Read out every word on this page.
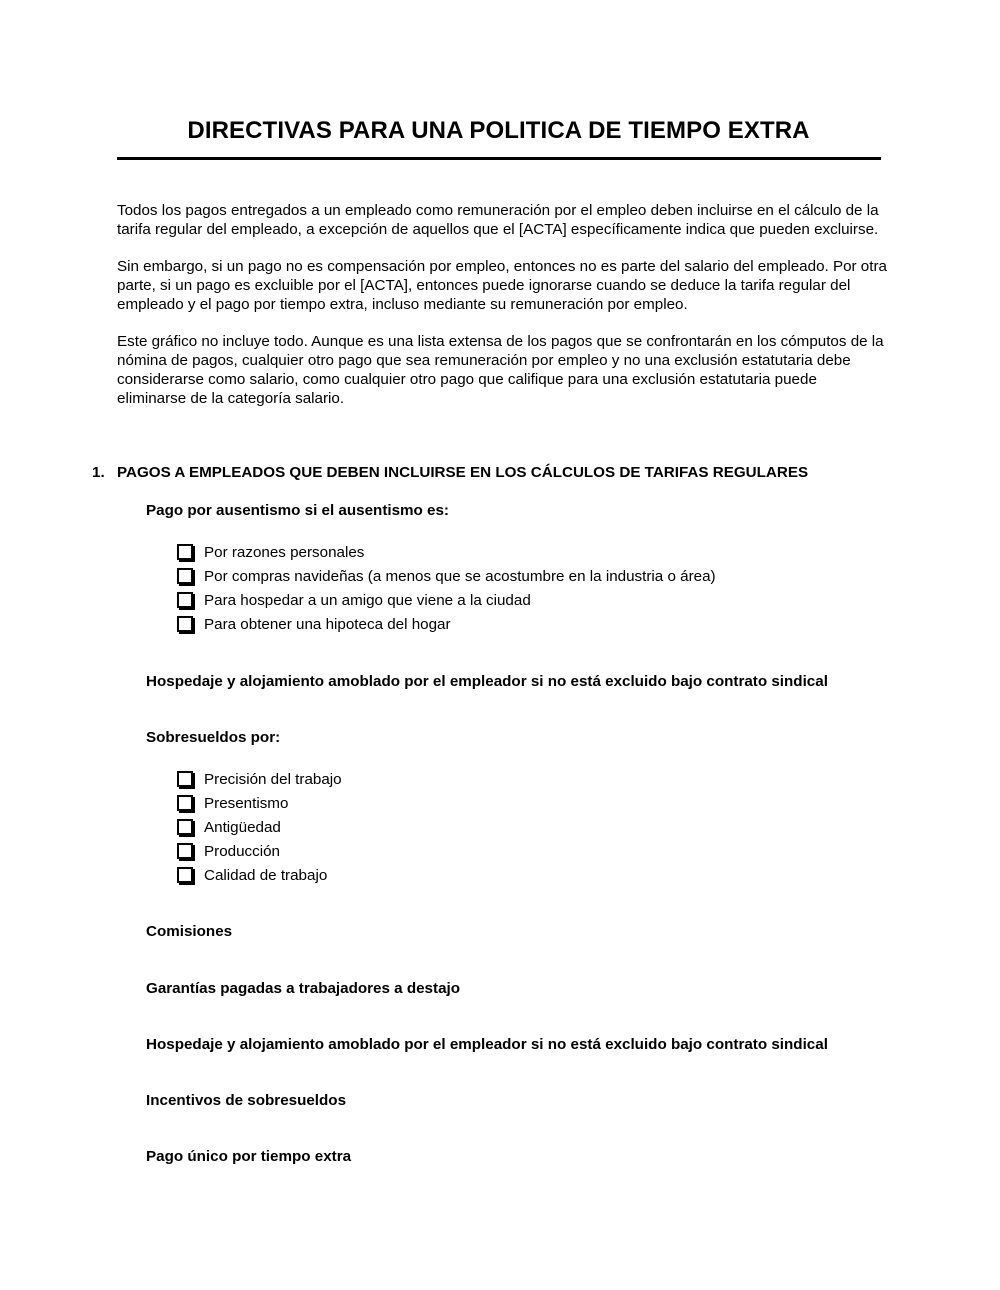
DIRECTIVAS PARA UNA POLITICA DE TIEMPO EXTRA

Todos los pagos entregados a un empleado como remuneración por el empleo deben incluirse en el cálculo de la tarifa regular del empleado, a excepción de aquellos que el [ACTA] específicamente indica que pueden excluirse.

Sin embargo, si un pago no es compensación por empleo, entonces no es parte del salario del empleado. Por otra parte, si un pago es excluible por el [ACTA], entonces puede ignorarse cuando se deduce la tarifa regular del empleado y el pago por tiempo extra, incluso mediante su remuneración por empleo.

Este gráfico no incluye todo. Aunque es una lista extensa de los pagos que se confrontarán en los cómputos de la nómina de pagos, cualquier otro pago que sea remuneración por empleo y no una exclusión estatutaria debe considerarse como salario, como cualquier otro pago que califique para una exclusión estatutaria puede eliminarse de la categoría salario.

1. PAGOS A EMPLEADOS QUE DEBEN INCLUIRSE EN LOS CÁLCULOS DE TARIFAS REGULARES
Pago por ausentismo si el ausentismo es:
Por razones personales
Por compras navideñas (a menos que se acostumbre en la industria o área)
Para hospedar a un amigo que viene a la ciudad
Para obtener una hipoteca del hogar
Hospedaje y alojamiento amoblado por el empleador si no está excluido bajo contrato sindical
Sobresueldos por:
Precisión del trabajo
Presentismo
Antigüedad
Producción
Calidad de trabajo
Comisiones
Garantías pagadas a trabajadores a destajo
Hospedaje y alojamiento amoblado por el empleador si no está excluido bajo contrato sindical
Incentivos de sobresueldos
Pago único por tiempo extra
